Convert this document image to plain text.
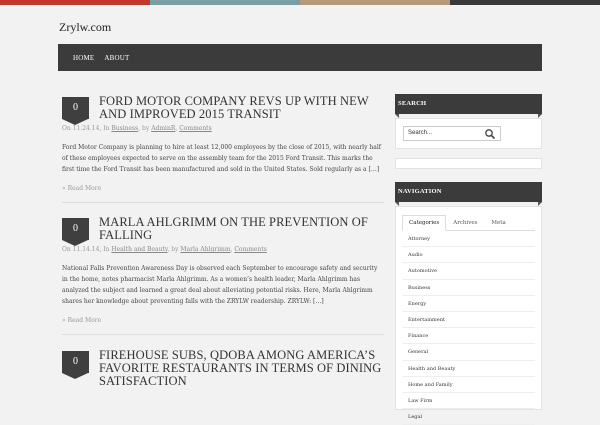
Zrylw.com
HOME ABOUT
0	FORD MOTOR COMPANY REVS UP WITH NEW AND IMPROVED 2015 TRANSIT
On 11.24.14, In Business, by AdminR, Comments

Ford Motor Company is planning to hire at least 12,000 employees by the close of 2015, with nearly half of these employees expected to serve on the assembly team for the 2015 Ford Transit. This marks the first time the Ford Transit has been manufactured and sold in the United States. Sold regularly as a […]

» Read More
0	MARLA AHLGRIMM ON THE PREVENTION OF FALLING
On 11.14.14, In Health and Beauty, by Marla Ahlgrimm, Comments

National Falls Prevention Awareness Day is observed each September to encourage safety and security in the home, notes pharmacist Marla Ahlgrimm. As a women’s health leader, Marla Ahlgrimm has analyzed the subject and learned a great deal about alleviating potential risks. Here, Marla Ahlgrimm shares her knowledge about preventing falls with the ZRYLW readership. ZRYLW: […]

» Read More
0	FIREHOUSE SUBS, QDOBA AMONG AMERICA’S FAVORITE RESTAURANTS IN TERMS OF DINING SATISFACTION
SEARCH
Search...
NAVIGATION
Categories	Archives	Meta
Attorney
Audio
Automotive
Business
Energy
Entertainment
Finance
General
Health and Beauty
Home and Family
Law Firm
Legal
